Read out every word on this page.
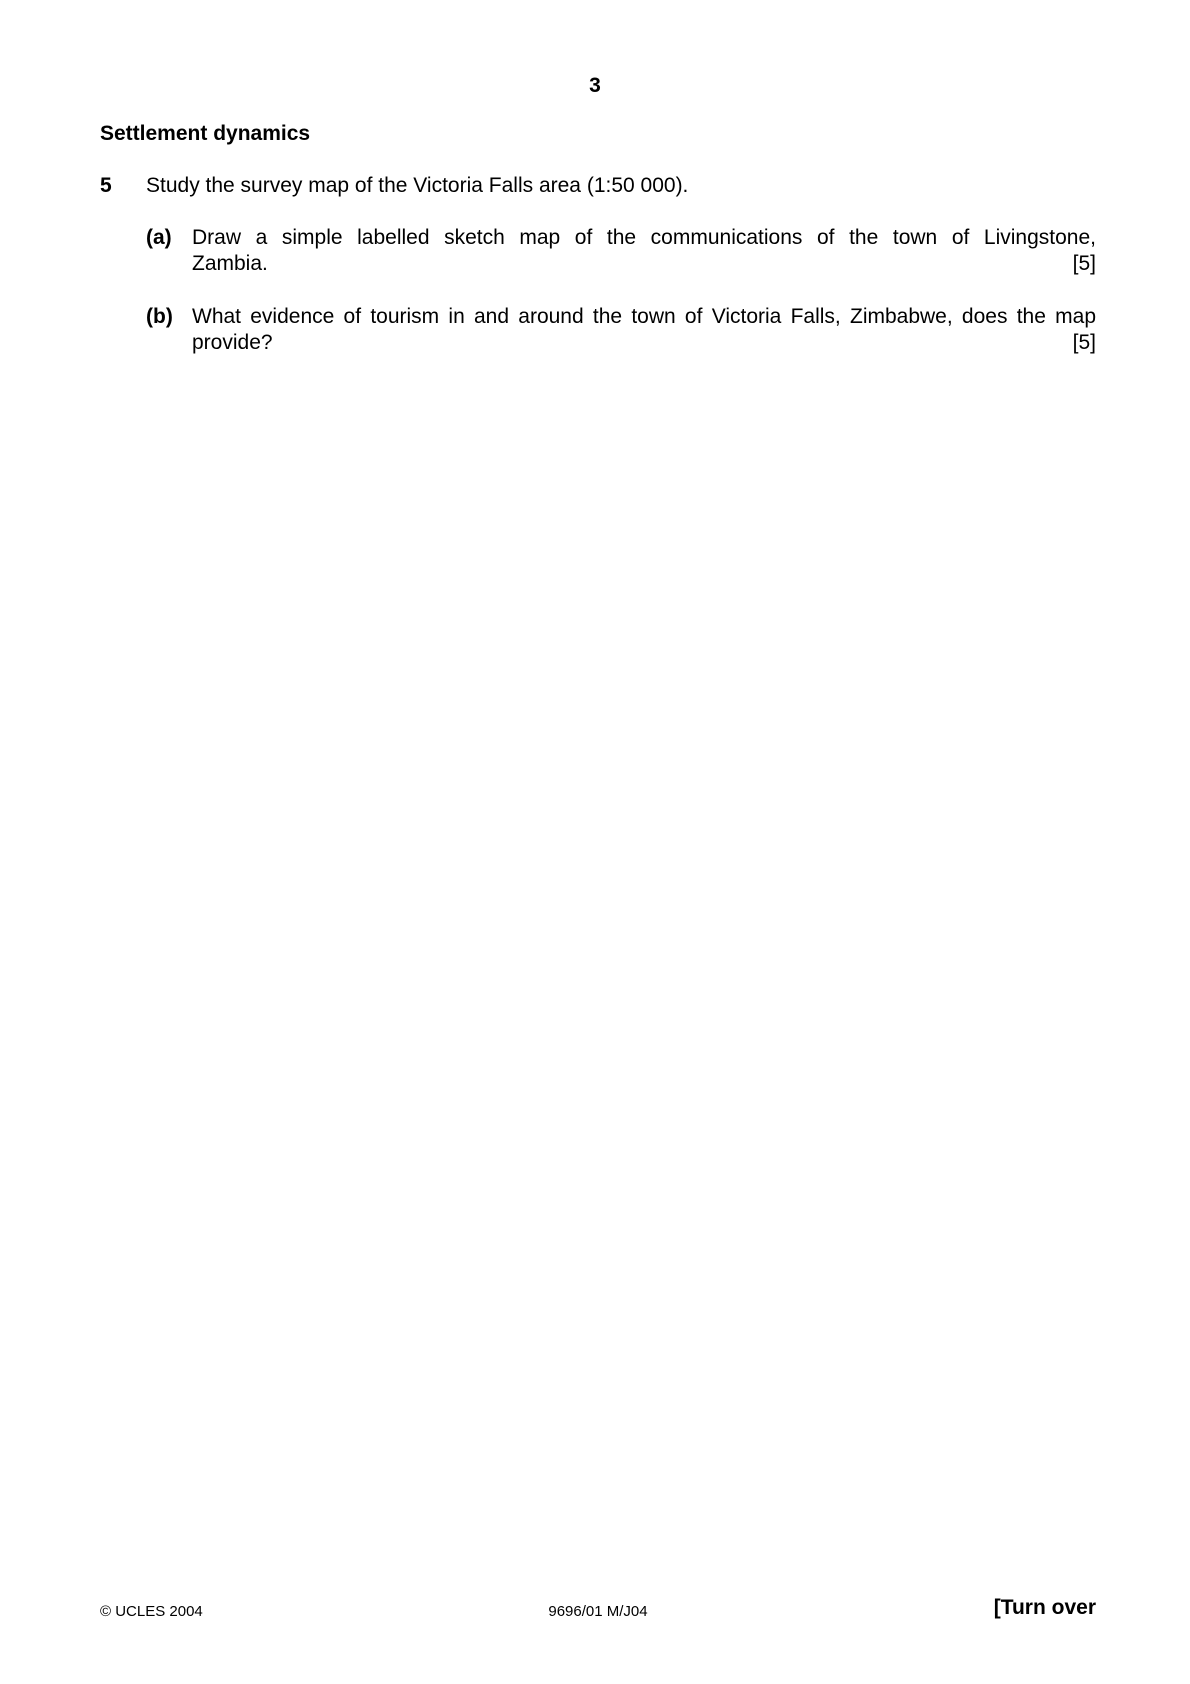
3
Settlement dynamics
5 Study the survey map of the Victoria Falls area (1:50 000).
(a) Draw a simple labelled sketch map of the communications of the town of Livingstone,
Zambia.	[5]
(b) What evidence of tourism in and around the town of Victoria Falls, Zimbabwe, does the map
provide?	[5]
© UCLES 2004	9696/01 M/J04	[Turn over
